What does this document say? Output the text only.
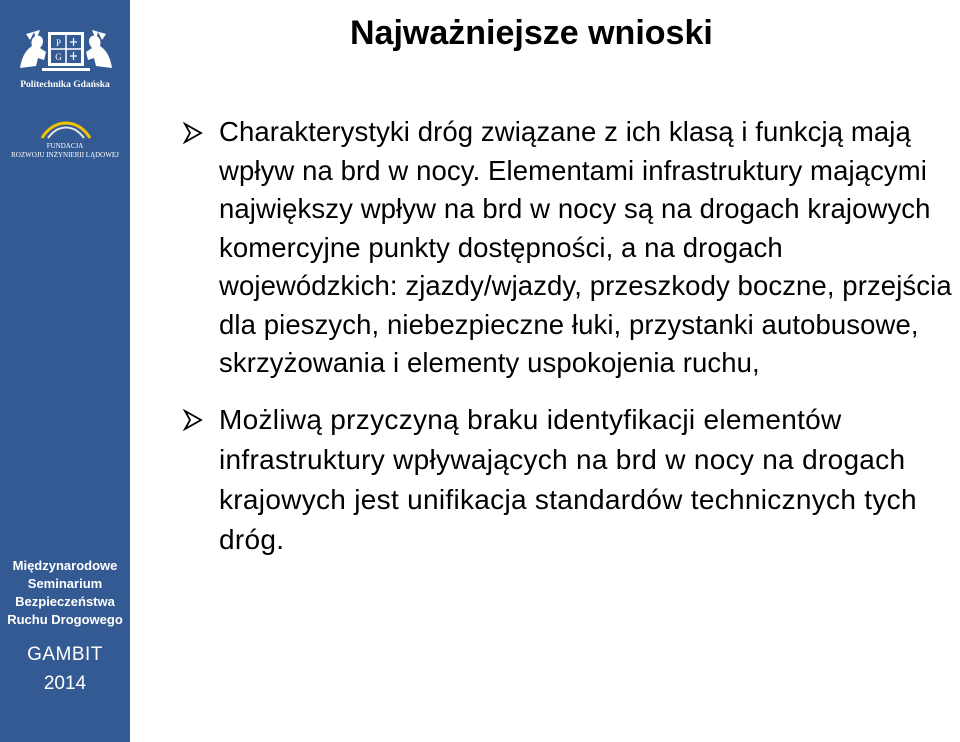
P
G
Politechnika Gdańska
FUNDACJA
ROZWOJU INŻYNIERII LĄDOWEJ
Międzynarodowe
Seminarium
Bezpieczeństwa
Ruchu Drogowego
GAMBIT
2014
Najważniejsze wnioski
Charakterystyki dróg związane z ich klasą i funkcją mają wpływ na brd w nocy. Elementami infrastruktury mającymi największy wpływ na brd w nocy są na drogach krajowych komercyjne punkty dostępności, a na drogach wojewódzkich: zjazdy/wjazdy, przeszkody boczne, przejścia dla pieszych, niebezpieczne łuki, przystanki autobusowe, skrzyżowania i elementy uspokojenia ruchu,
Możliwą przyczyną braku identyfikacji elementów infrastruktury wpływających na brd w nocy na drogach krajowych jest unifikacja standardów technicznych tych dróg.
